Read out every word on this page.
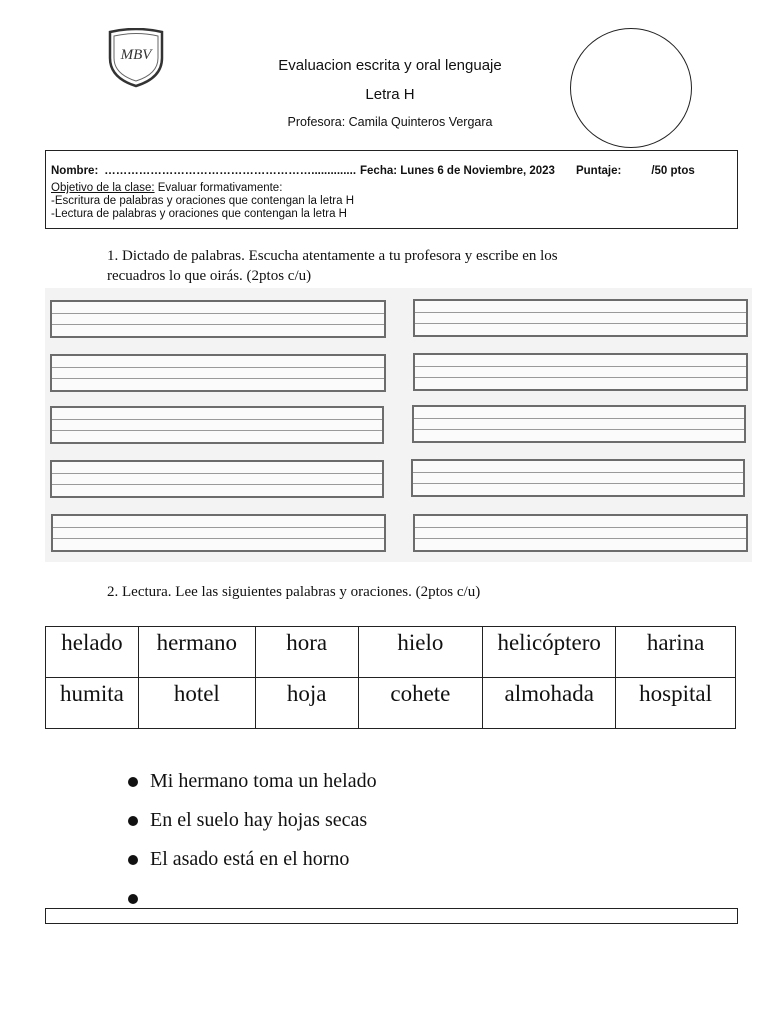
MBV
Evaluacion escrita y oral lenguaje
Letra H
Profesora: Camila Quinteros Vergara
Nombre: ……………………………………………….............. Fecha: Lunes 6 de Noviembre, 2023 Puntaje:	/50 ptos
Objetivo de la clase: Evaluar formativamente:
-Escritura de palabras y oraciones que contengan la letra H
-Lectura de palabras y oraciones que contengan la letra H
1. Dictado de palabras. Escucha atentamente a tu profesora y escribe en los
recuadros lo que oirás. (2ptos c/u)
2. Lectura. Lee las siguientes palabras y oraciones. (2ptos c/u)
helado	hermano	hora	hielo	helicóptero	harina
humita	hotel	hoja	cohete	almohada	hospital
Mi hermano toma un helado
En el suelo hay hojas secas
El asado está en el horno
